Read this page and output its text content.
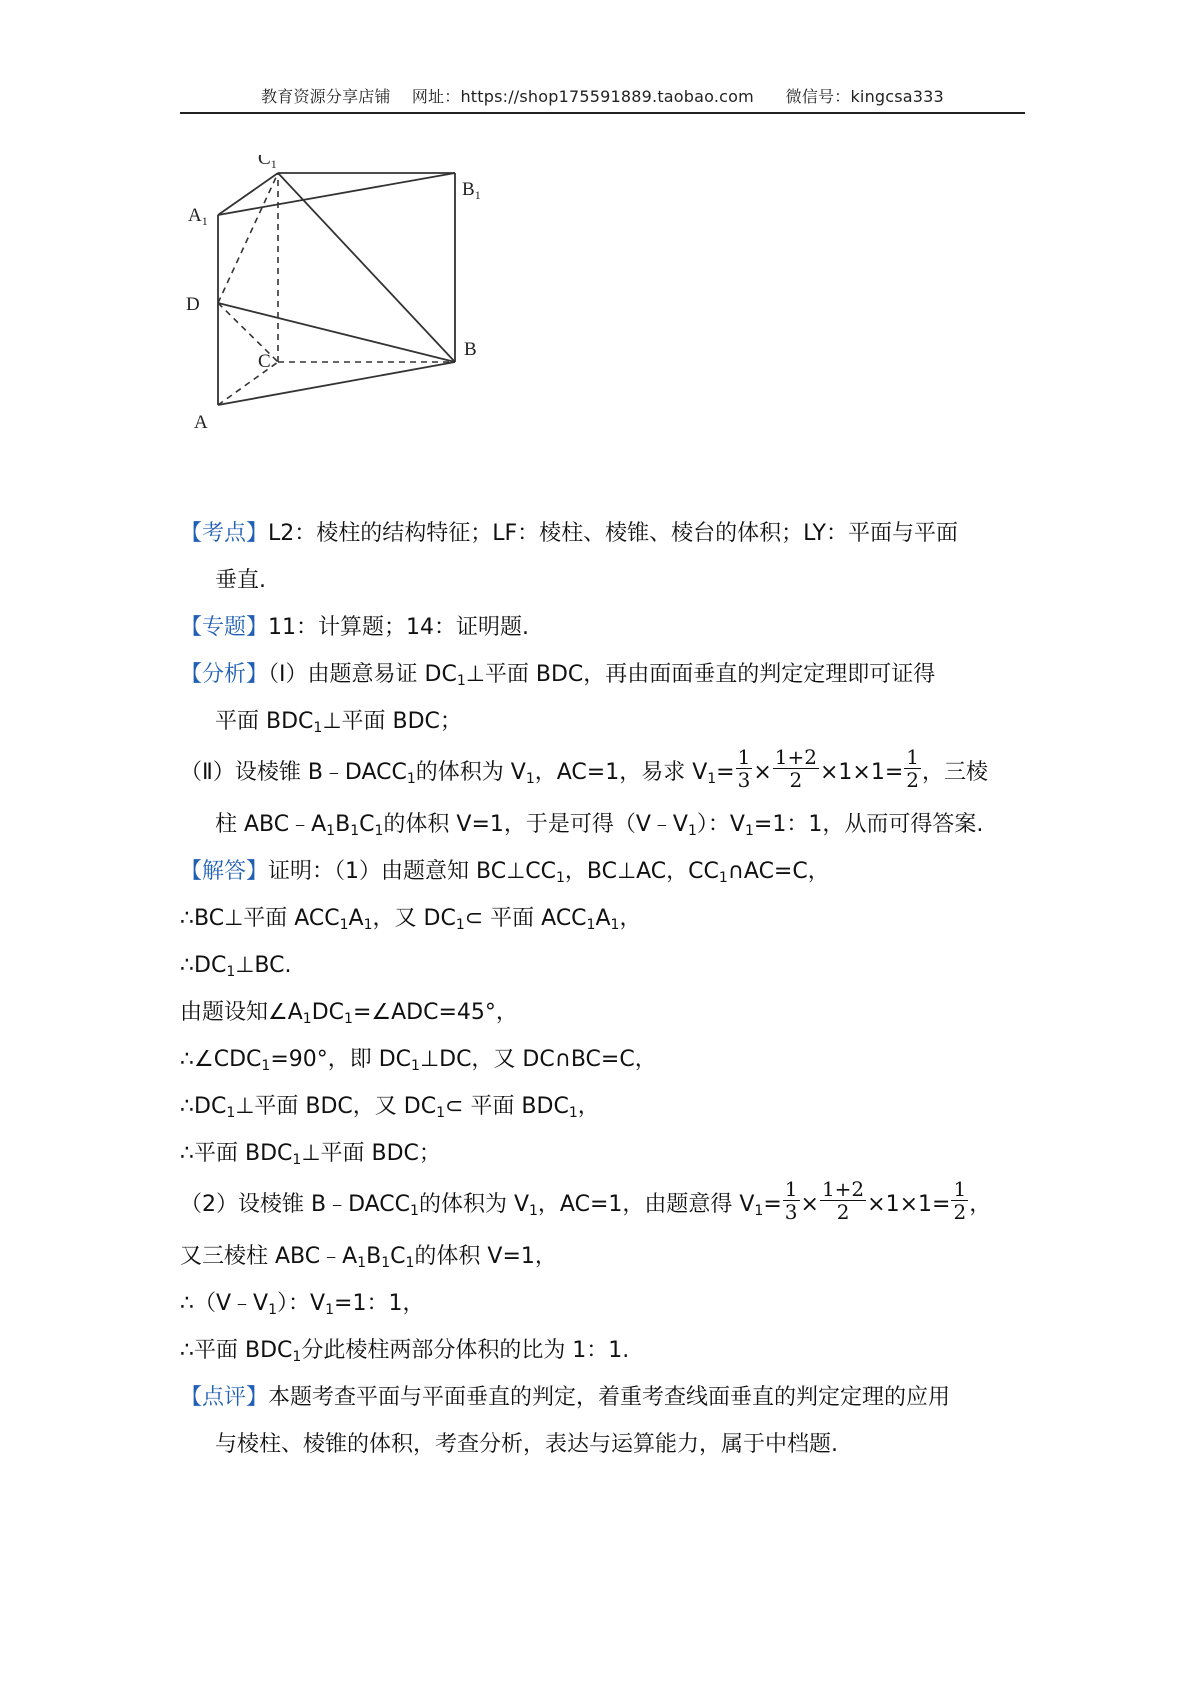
教育资源分享店铺 网址：https://shop175591889.taobao.com 微信号：kingcsa333
$C_1$
$B_1$
$A_1$
D
C
B
A
【考点】L2：棱柱的结构特征；LF：棱柱、棱锥、棱台的体积；LY：平面与平面
垂直.
【专题】11：计算题；14：证明题.
【分析】（Ⅰ）由题意易证 $DC_1\perp$平面 BDC，再由面面垂直的判定定理即可证得
平面 $BDC_1\perp$平面 BDC；
（Ⅱ）设棱锥 $B﹣DACC_1$的体积为 $V_1$，AC=1，易求 $V_1= \frac{1}{3} \times \frac{1+2}{2} \times 1\times 1= \frac{1}{2}$ ，三棱
柱 $ABC﹣A_1B_1C_1$的体积 V=1，于是可得$(V﹣V_1)$：$V_1=1$：1，从而可得答案.
【解答】证明：（1）由题意知 $BC\perp CC_1$，BC⊥AC，$CC_1\cap AC=C$，
∴BC⊥平面 $ACC_1A_1$，又 $DC_1\subset$ 平面 $ACC_1A_1$，
$\therefore DC_1\perp BC$.
由题设知$\angle A_1DC_1=\angle ADC=45^\circ$，
$\therefore\angle CDC_1=90^\circ$，即 $DC_1\perp DC$，又 DC∩BC=C，
$\therefore DC_1\perp$平面 BDC，又 $DC_1\subset$ 平面 $BDC_1$，
∴平面 $BDC_1\perp$平面 BDC；
（2）设棱锥 $B﹣DACC_1$的体积为 $V_1$，AC=1，由题意得 $V_1= \frac{1}{3} \times \frac{1+2}{2} \times 1\times 1= \frac{1}{2}$ ，
又三棱柱 $ABC﹣A_1B_1C_1$的体积 V=1，
$\therefore(V﹣V_1)$：$V_1=1$：1，
∴平面 $BDC_1$分此棱柱两部分体积的比为 1：1.
【点评】本题考查平面与平面垂直的判定，着重考查线面垂直的判定定理的应用
与棱柱、棱锥的体积，考查分析，表达与运算能力，属于中档题.
